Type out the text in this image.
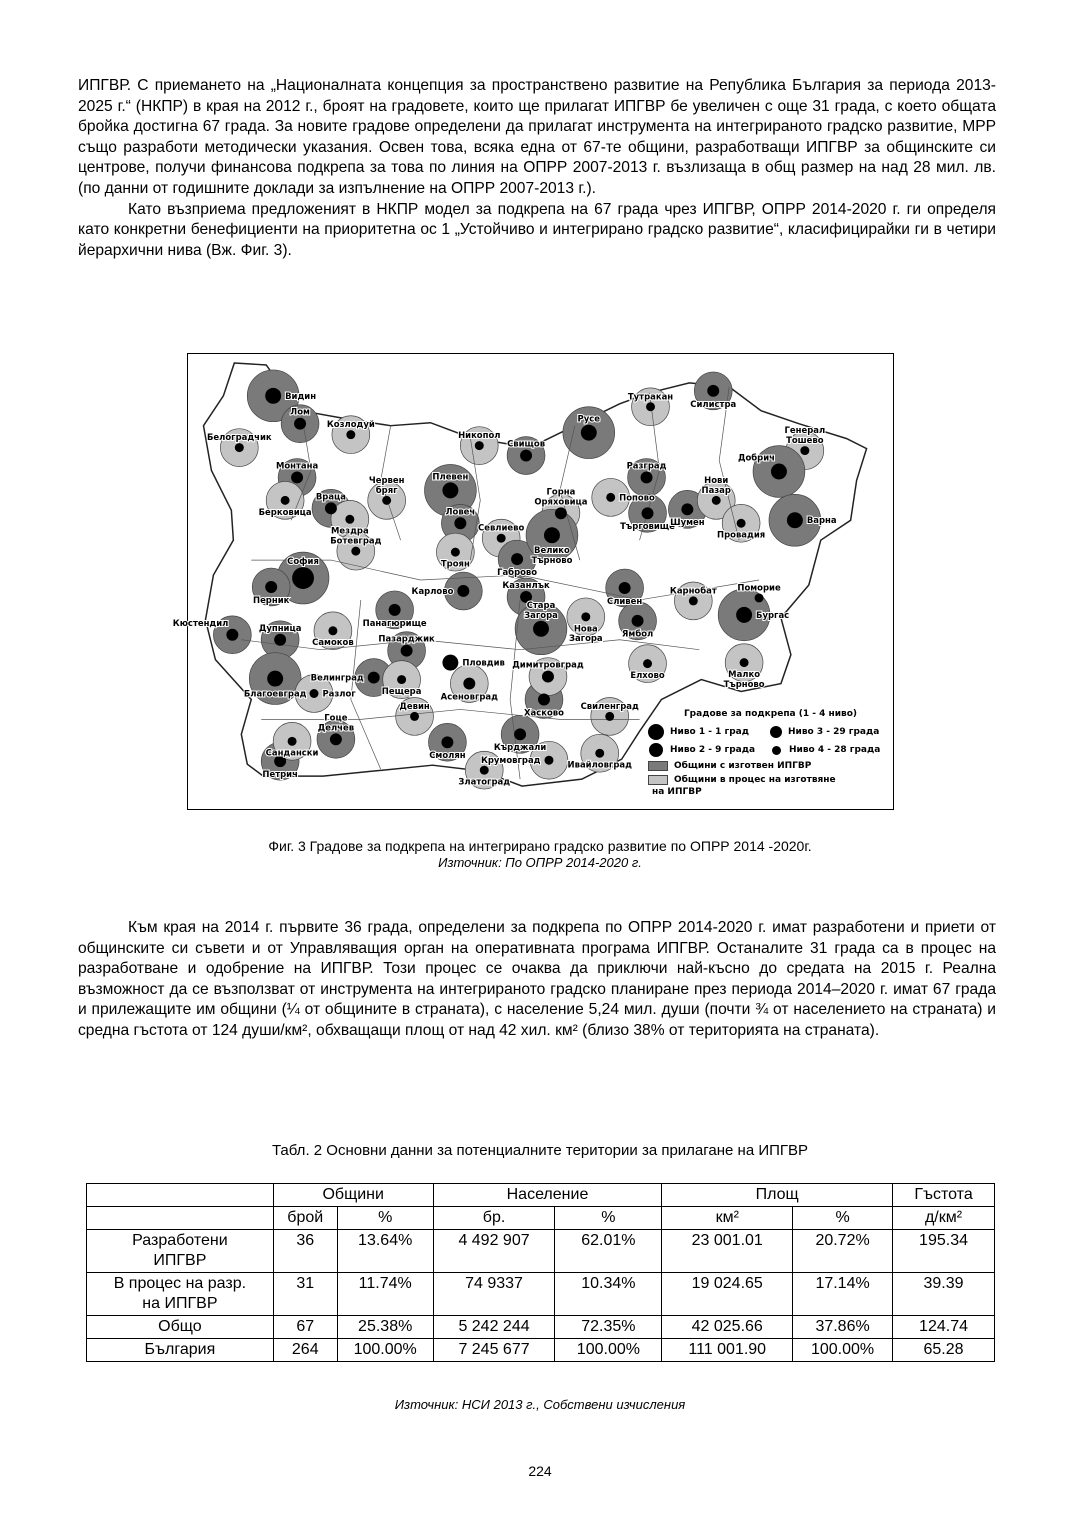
ИПГВР. С приемането на „Националната концепция за пространствено развитие на Република България за периода 2013-2025 г.“ (НКПР) в края на 2012 г., броят на градовете, които ще прилагат ИПГВР бе увеличен с още 31 града, с което общата бройка достигна 67 града. За новите градове определени да прилагат инструмента на интегрираното градско развитие, МРР също разработи методически указания. Освен това, всяка една от 67-те общини, разработващи ИПГВР за общинските си центрове, получи финансова подкрепа за това по линия на ОПРР 2007-2013 г. възлизаща в общ размер на над 28 мил. лв. (по данни от годишните доклади за изпълнение на ОПРР 2007-2013 г.).

Като възприема предложеният в НКПР модел за подкрепа на 67 града чрез ИПГВР, ОПРР 2014-2020 г. ги определя като конкретни бенефициенти на приоритетна ос 1 „Устойчиво и интегрирано градско развитие“, класифицирайки ги в четири йерархични нива (Вж. Фиг. 3).

Видин
Лом
Козлодуй
Белоградчик	Никопол
Свищов
Русе
Тутракан
Силистра
Генерал Тошево
Добрич
Монтана
Червен бряг
Плевен
Враца
Берковица
Мездра
Ботевград
Ловеч
Троян
Севлиево
Габрово
Разград
Попово
Горна Оряховица
Велико Търново
Търговище
Шумен
Нови Пазар
Провадия
Варна
София
Перник
Карлово
Казанлък
Сливен
Стара Загора
Нова Загора Ямбол
Кюстендил	Дупница
Самоков
Панагюрище
Пазарджик
Пловдив
Благоевград
Велинград
Пещера
Асеновград
Разлог
Девин
Гоце Делчев
Петрич
Сандански	Смолян
Кърджали
Хасково
Димитровград
Крумовград
Златоград
Ивайловград
Свиленград
Елхово
Бургас
Поморие
Карнобат
Малко Търново
Градове за подкрепа (1 - 4 ниво)
Ниво 1 - 1 град	Ниво 3 - 29 града
Ниво 2 - 9 града	Ниво 4 - 28 града
Общини с изготвен ИПГВР
Общини в процес на изготвяне
на ИПГВР
Фиг. 3 Градове за подкрепа на интегрирано градско развитие по ОПРР 2014 -2020г.
Източник: По ОПРР 2014-2020 г.

Към края на 2014 г. първите 36 града, определени за подкрепа по ОПРР 2014-2020 г. имат разработени и приети от общинските си съвети и от Управляващия орган на оперативната програма ИПГВР. Останалите 31 града са в процес на разработване и одобрение на ИПГВР. Този процес се очаква да приключи най-късно до средата на 2015 г. Реална възможност да се възползват от инструмента на интегрираното градско планиране през периода 2014–2020 г. имат 67 града и прилежащите им общини (¼ от общините в страната), с население 5,24 мил. души (почти ¾ от населението на страната) и средна гъстота от 124 души/км², обхващащи площ от над 42 хил. км² (близо 38% от територията на страната).

Табл. 2 Основни данни за потенциалните територии за прилагане на ИПГВР
	Общини		Население		Площ		Гъстота
	брой	%	бр.	%	км²	%	д/км²

Разработени
ИПГВР	36	13.64%	4 492 907	62.01%	23 001.01	20.72%	195.34

В процес на разр.
на ИПГВР	31	11.74%	74 9337	10.34%	19 024.65	17.14%	39.39

Общо	67	25.38%	5 242 244	72.35%	42 025.66	37.86%	124.74

България	264	100.00%	7 245 677	100.00%	111 001.90	100.00%	65.28
Източник: НСИ 2013 г., Собствени изчисления
224
